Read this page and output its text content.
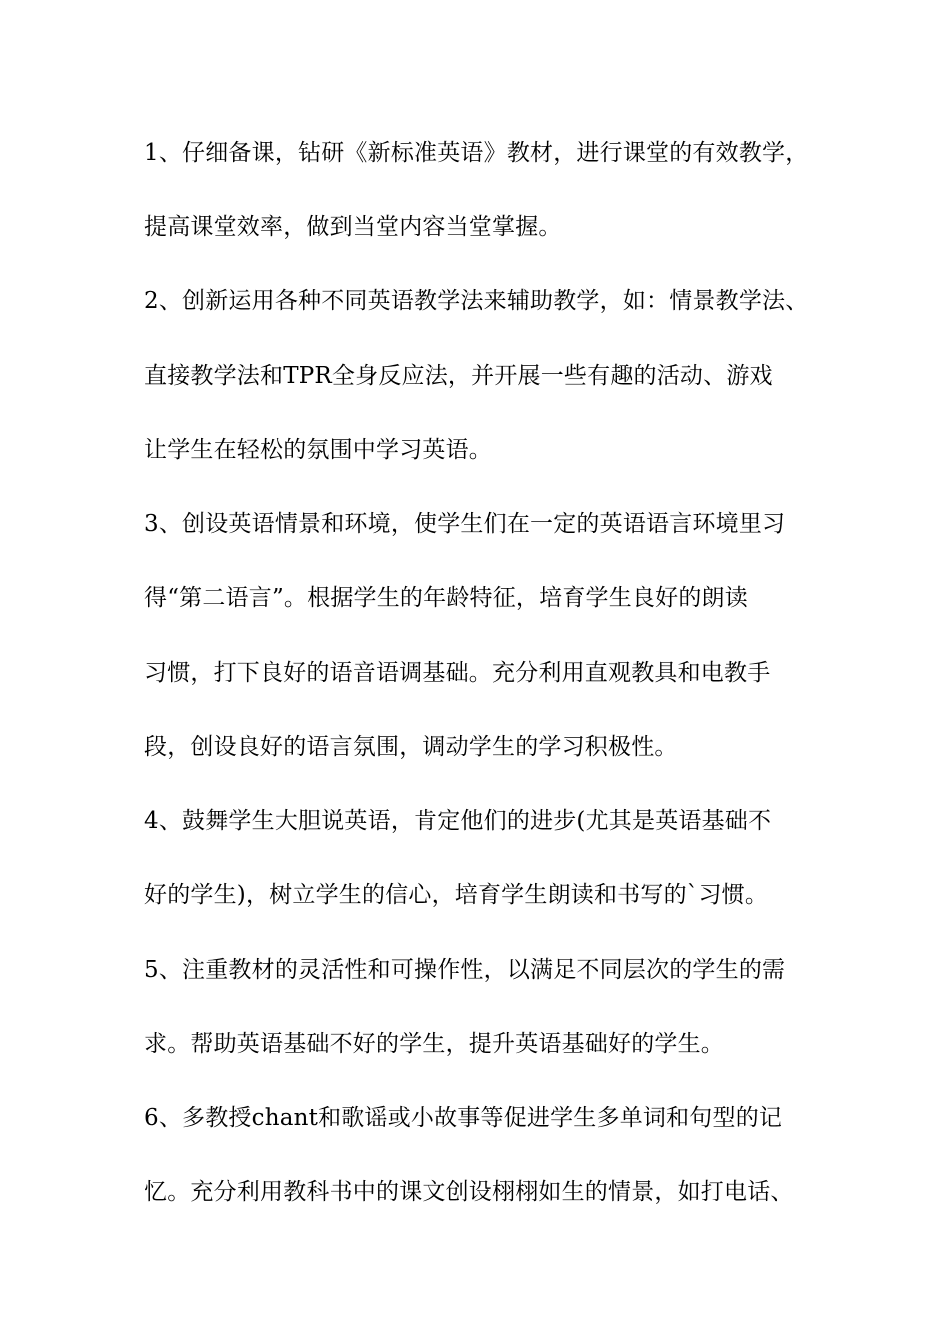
1、仔细备课，钻研《新标准英语》教材，进行课堂的有效教学，
提高课堂效率，做到当堂内容当堂掌握。
2、创新运用各种不同英语教学法来辅助教学，如：情景教学法、
直接教学法和TPR全身反应法，并开展一些有趣的活动、游戏
让学生在轻松的氛围中学习英语。
3、创设英语情景和环境，使学生们在一定的英语语言环境里习
得“第二语言”。根据学生的年龄特征，培育学生良好的朗读
习惯，打下良好的语音语调基础。充分利用直观教具和电教手
段，创设良好的语言氛围，调动学生的学习积极性。
4、鼓舞学生大胆说英语，肯定他们的进步(尤其是英语基础不
好的学生)，树立学生的信心，培育学生朗读和书写的`习惯。
5、注重教材的灵活性和可操作性，以满足不同层次的学生的需
求。帮助英语基础不好的学生，提升英语基础好的学生。
6、多教授chant和歌谣或小故事等促进学生多单词和句型的记
忆。充分利用教科书中的课文创设栩栩如生的情景，如打电话、
